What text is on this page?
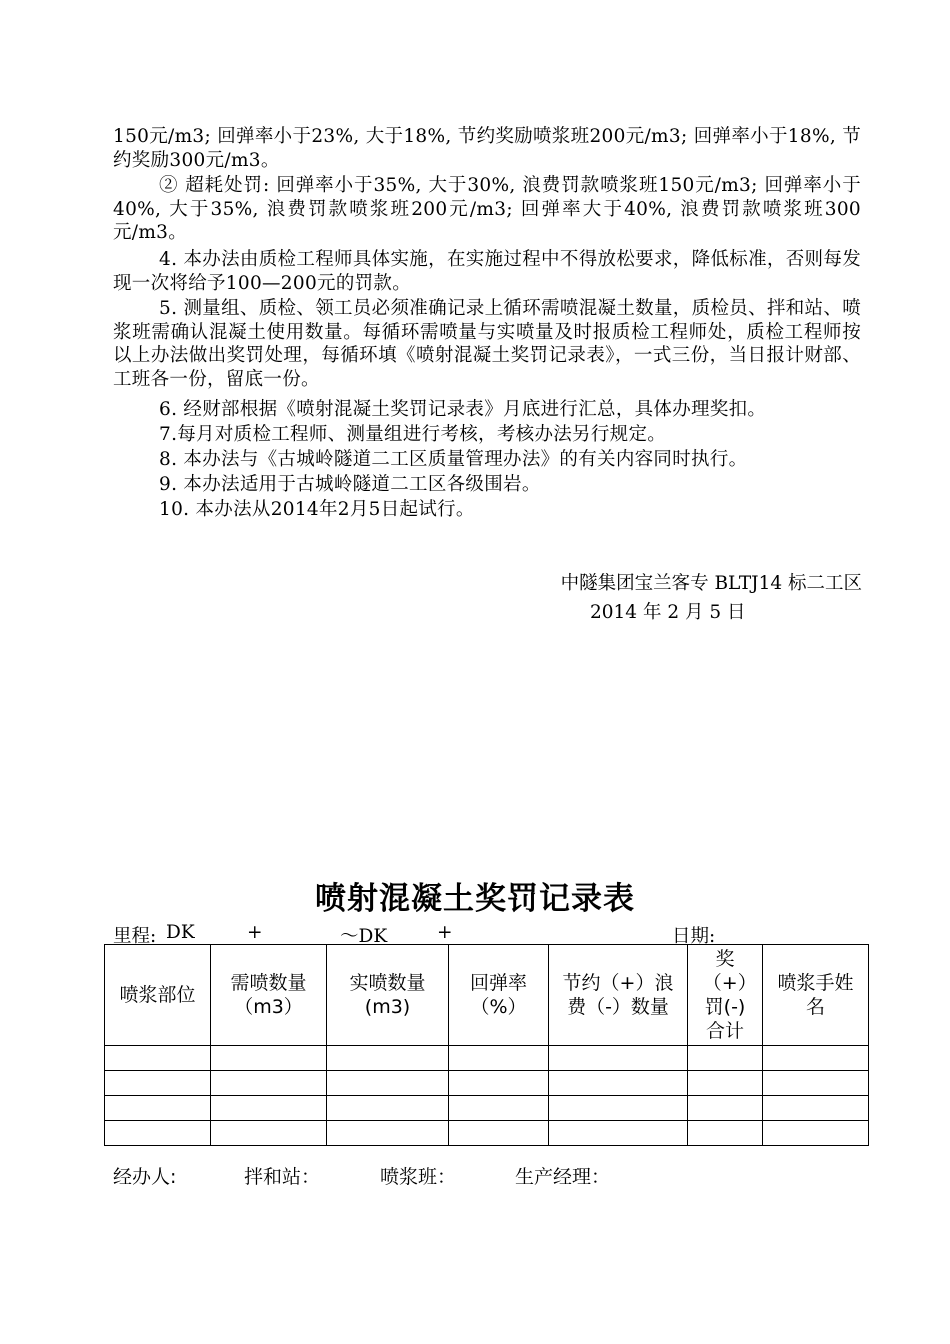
150元/m3; 回弹率小于23%, 大于18%, 节约奖励喷浆班200元/m3; 回弹率小于18%, 节约奖励300元/m3。
② 超耗处罚: 回弹率小于35%, 大于30%, 浪费罚款喷浆班150元/m3; 回弹率小于40%, 大于35%, 浪费罚款喷浆班200元/m3; 回弹率大于40%, 浪费罚款喷浆班300元/m3。
4. 本办法由质检工程师具体实施，在实施过程中不得放松要求，降低标准，否则每发现一次将给予100—200元的罚款。
5. 测量组、质检、领工员必须准确记录上循环需喷混凝土数量，质检员、拌和站、喷浆班需确认混凝土使用数量。每循环需喷量与实喷量及时报质检工程师处，质检工程师按以上办法做出奖罚处理，每循环填《喷射混凝土奖罚记录表》，一式三份，当日报计财部、工班各一份，留底一份。
6. 经财部根据《喷射混凝土奖罚记录表》月底进行汇总，具体办理奖扣。
7.每月对质检工程师、测量组进行考核，考核办法另行规定。
8. 本办法与《古城岭隧道二工区质量管理办法》的有关内容同时执行。
9. 本办法适用于古城岭隧道二工区各级围岩。
10. 本办法从2014年2月5日起试行。
中隧集团宝兰客专 BLTJ14 标二工区
2014 年 2 月 5 日
喷射混凝土奖罚记录表
里程: DK	+	～DK	+	日期:
喷浆部位	需喷数量（m3）	实喷数量(m3)	回弹率（%）	节约（+）浪费（-）数量	奖（+）罚(-)合计	喷浆手姓名

经办人:	拌和站：	喷浆班：	生产经理：
